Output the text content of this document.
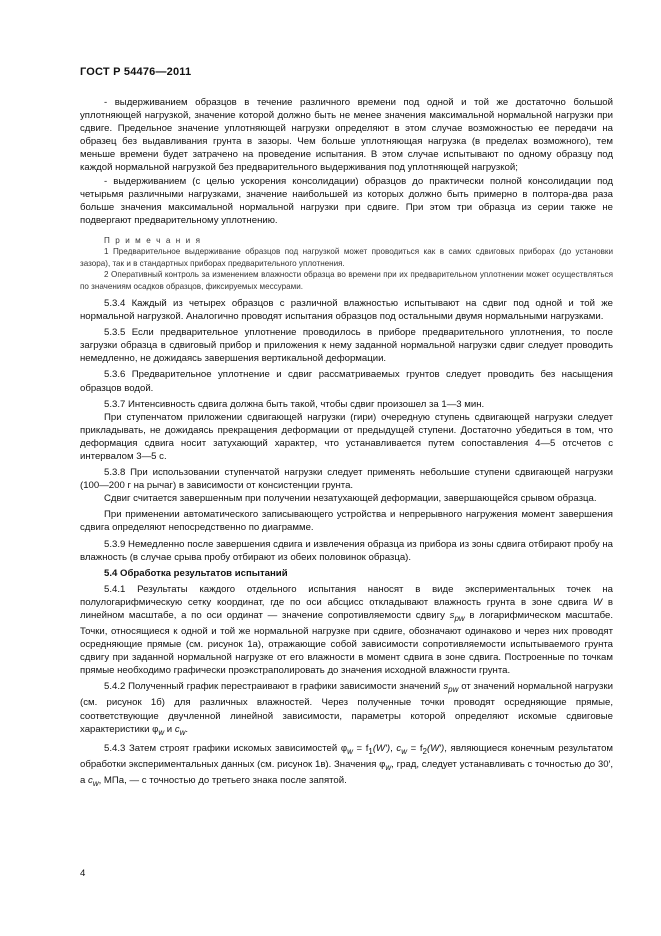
ГОСТ Р 54476—2011

- выдерживанием образцов в течение различного времени под одной и той же достаточно большой уплотняющей нагрузкой, значение которой должно быть не менее значения максимальной нормальной нагрузки при сдвиге. Предельное значение уплотняющей нагрузки определяют в этом случае возможностью ее передачи на образец без выдавливания грунта в зазоры. Чем больше уплотняющая нагрузка (в пределах возможного), тем меньше времени будет затрачено на проведение испытания. В этом случае испытывают по одному образцу под каждой нормальной нагрузкой без предварительного выдерживания под уплотняющей нагрузкой;

- выдерживанием (с целью ускорения консолидации) образцов до практически полной консолидации под четырьмя различными нагрузками, значение наибольшей из которых должно быть примерно в полтора-два раза больше значения максимальной нормальной нагрузки при сдвиге. При этом три образца из серии также не подвергают предварительному уплотнению.

П р и м е ч а н и я

1 Предварительное выдерживание образцов под нагрузкой может проводиться как в самих сдвиговых приборах (до установки зазора), так и в стандартных приборах предварительного уплотнения.

2 Оперативный контроль за изменением влажности образца во времени при их предварительном уплотнении может осуществляться по значениям осадков образцов, фиксируемых мессурами.

5.3.4 Каждый из четырех образцов с различной влажностью испытывают на сдвиг под одной и той же нормальной нагрузкой. Аналогично проводят испытания образцов под остальными двумя нормальными нагрузками.

5.3.5 Если предварительное уплотнение проводилось в приборе предварительного уплотнения, то после загрузки образца в сдвиговый прибор и приложения к нему заданной нормальной нагрузки сдвиг следует проводить немедленно, не дожидаясь завершения вертикальной деформации.

5.3.6 Предварительное уплотнение и сдвиг рассматриваемых грунтов следует проводить без насыщения образцов водой.

5.3.7 Интенсивность сдвига должна быть такой, чтобы сдвиг произошел за 1—3 мин.

При ступенчатом приложении сдвигающей нагрузки (гири) очередную ступень сдвигающей нагрузки следует прикладывать, не дожидаясь прекращения деформации от предыдущей ступени. Достаточно убедиться в том, что деформация сдвига носит затухающий характер, что устанавливается путем сопоставления 4—5 отсчетов с интервалом 3—5 с.

5.3.8 При использовании ступенчатой нагрузки следует применять небольшие ступени сдвигающей нагрузки (100—200 г на рычаг) в зависимости от консистенции грунта.

Сдвиг считается завершенным при получении незатухающей деформации, завершающейся срывом образца.

При применении автоматического записывающего устройства и непрерывного нагружения момент завершения сдвига определяют непосредственно по диаграмме.

5.3.9 Немедленно после завершения сдвига и извлечения образца из прибора из зоны сдвига отбирают пробу на влажность (в случае срыва пробу отбирают из обеих половинок образца).

5.4 Обработка результатов испытаний

5.4.1 Результаты каждого отдельного испытания наносят в виде экспериментальных точек на полулогарифмическую сетку координат, где по оси абсцисс откладывают влажность грунта в зоне сдвига W в линейном масштабе, а по оси ординат — значение сопротивляемости сдвигу $s_{pw}$ в логарифмическом масштабе. Точки, относящиеся к одной и той же нормальной нагрузке при сдвиге, обозначают одинаково и через них проводят осредняющие прямые (см. рисунок 1а), отражающие собой зависимости сопротивляемости испытываемого грунта сдвигу при заданной нормальной нагрузке от его влажности в момент сдвига в зоне сдвига. Построенные по точкам прямые необходимо графически проэкстраполировать до значения исходной влажности грунта.

5.4.2 Полученный график перестраивают в графики зависимости значений $s_{pw}$ от значений нормальной нагрузки (см. рисунок 1б) для различных влажностей. Через полученные точки проводят осредняющие прямые, соответствующие двучленной линейной зависимости, параметры которой определяют искомые сдвиговые характеристики $\varphi_w$ и $c_w$.

5.4.3 Затем строят графики искомых зависимостей $\varphi_w = f_1(W')$, $c_w = f_2(W')$, являющиеся конечным результатом обработки экспериментальных данных (см. рисунок 1в). Значения $\varphi_w$, град, следует устанавливать с точностью до 30′, а $c_w$, МПа, — с точностью до третьего знака после запятой.

4
